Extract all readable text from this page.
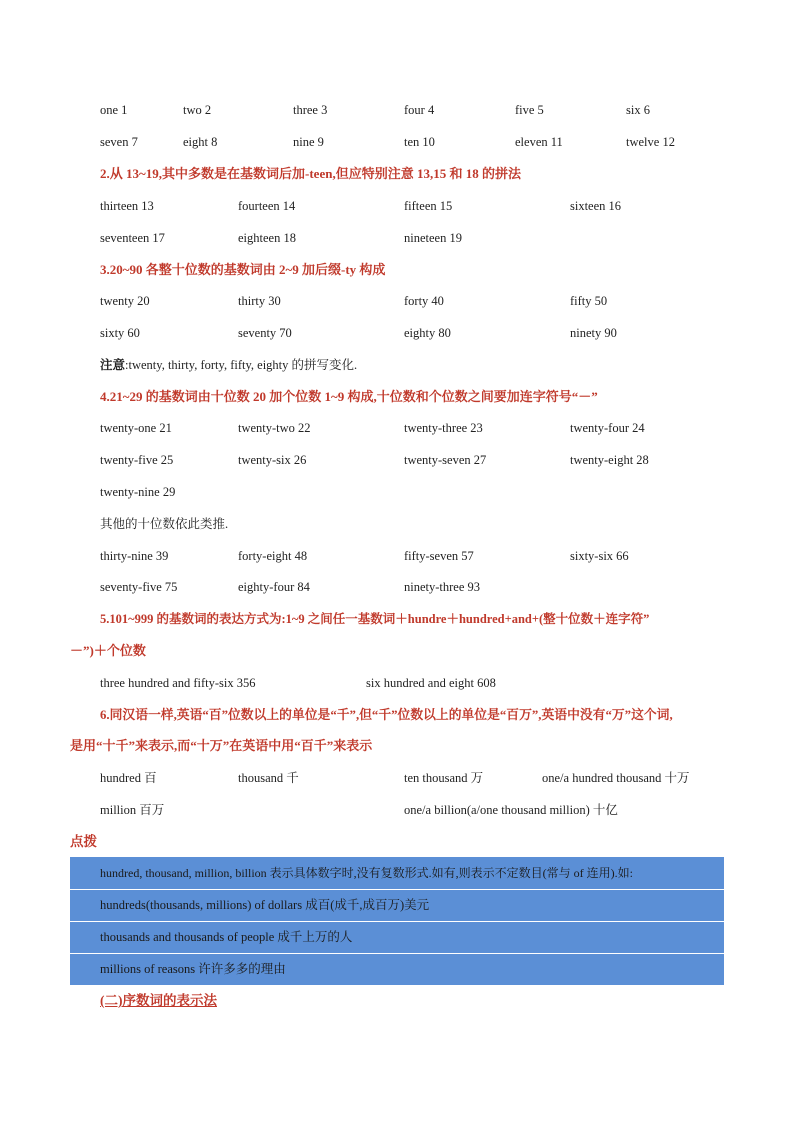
one 1	two 2	three 3	four 4	five 5	six 6
seven 7	eight 8	nine 9	ten 10	eleven 11	twelve 12
2.从 13~19,其中多数是在基数词后加-teen,但应特别注意 13,15 和 18 的拼法
thirteen 13	fourteen 14	fifteen 15	sixteen 16
seventeen 17	eighteen 18	nineteen 19
3.20~90 各整十位数的基数词由 2~9 加后缀-ty 构成
twenty 20	thirty 30	forty 40	fifty 50
sixty 60	seventy 70	eighty 80	ninety 90
注意:twenty, thirty, forty, fifty, eighty 的拼写变化.
4.21~29 的基数词由十位数 20 加个位数 1~9 构成,十位数和个位数之间要加连字符号“－”
twenty-one 21	twenty-two 22	twenty-three 23	twenty-four 24
twenty-five 25	twenty-six 26	twenty-seven 27	twenty-eight 28
twenty-nine 29
其他的十位数依此类推.
thirty-nine 39	forty-eight 48	fifty-seven 57	sixty-six 66
seventy-five 75	eighty-four 84	ninety-three 93
5.101~999 的基数词的表达方式为:1~9 之间任一基数词＋hundre＋hundred+and+(整十位数＋连字符”
－”)＋个位数
three hundred and fifty-six 356	six hundred and eight 608
6.同汉语一样,英语“百”位数以上的单位是“千”,但“千”位数以上的单位是“百万”,英语中没有“万”这个词,
是用“十千”来表示,而“十万”在英语中用“百千”来表示
hundred 百	thousand 千	ten thousand 万	one/a hundred thousand 十万
million 百万	one/a billion(a/one thousand million) 十亿
点拨
hundred, thousand, million, billion 表示具体数字时,没有复数形式.如有,则表示不定数目(常与 of 连用).如:
hundreds(thousands, millions) of dollars 成百(成千,成百万)美元
thousands and thousands of people 成千上万的人
millions of reasons 许许多多的理由
(二)序数词的表示法
